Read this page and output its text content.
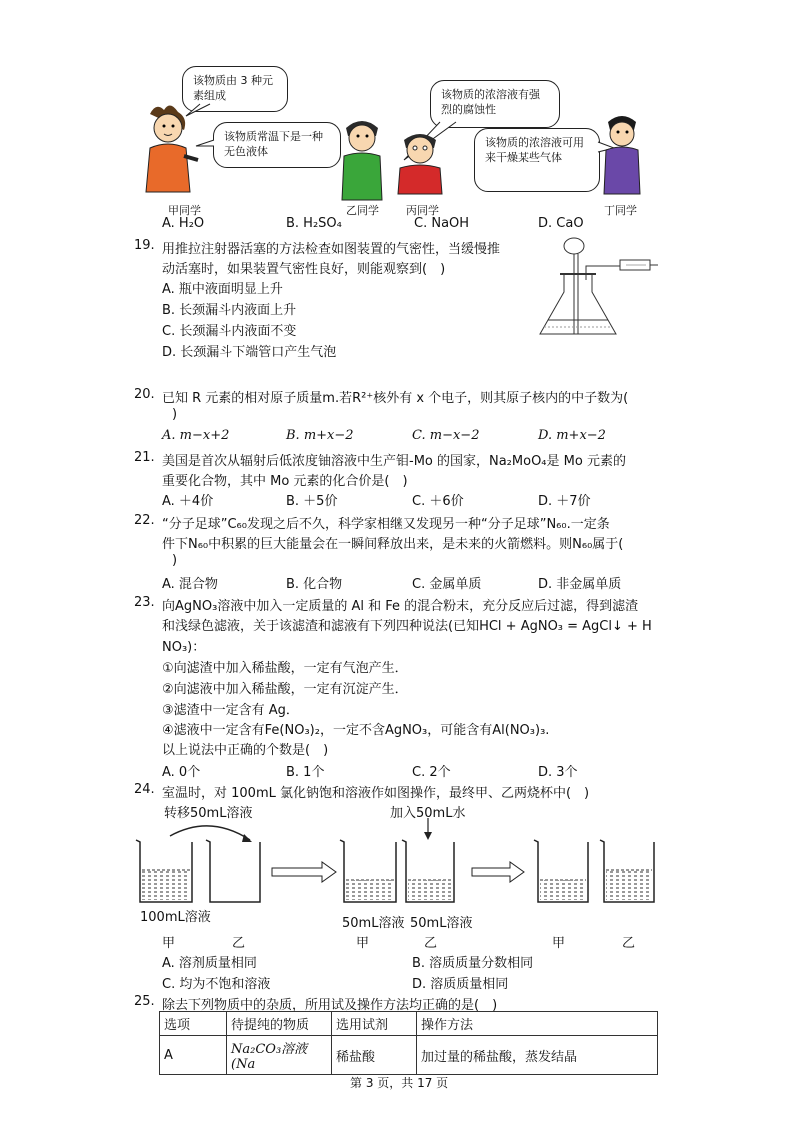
该物质由 3 种元素组成
该物质常温下是一种无色液体
该物质的浓溶液有强烈的腐蚀性
该物质的浓溶液可用来干燥某些气体
甲同学	乙同学 丙同学	丁同学
A. H₂O	B. H₂SO₄	C. NaOH	D. CaO
19. 用推拉注射器活塞的方法检查如图装置的气密性，当缓慢推
动活塞时，如果装置气密性良好，则能观察到(　)
A. 瓶中液面明显上升
B. 长颈漏斗内液面上升
C. 长颈漏斗内液面不变
D. 长颈漏斗下端管口产生气泡
20. 已知 R 元素的相对原子质量m.若R²⁺核外有 x 个电子，则其原子核内的中子数为(
)
A. m−x+2	B. m+x−2	C. m−x−2	D. m+x−2
21. 美国是首次从辐射后低浓度铀溶液中生产钼-Mo 的国家，Na₂MoO₄是 Mo 元素的
重要化合物，其中 Mo 元素的化合价是(　)
A. ＋4价	B. ＋5价	C. ＋6价	D. ＋7价
22. “分子足球”C₆₀发现之后不久，科学家相继又发现另一种“分子足球”N₆₀.一定条
件下N₆₀中积累的巨大能量会在一瞬间释放出来，是未来的火箭燃料。则N₆₀属于(
)
A. 混合物	B. 化合物	C. 金属单质	D. 非金属单质
23. 向AgNO₃溶液中加入一定质量的 Al 和 Fe 的混合粉末，充分反应后过滤，得到滤渣
和浅绿色滤液，关于该滤渣和滤液有下列四种说法(已知HCl + AgNO₃ = AgCl↓ + H
NO₃)：
①向滤渣中加入稀盐酸，一定有气泡产生．
②向滤液中加入稀盐酸，一定有沉淀产生．
③滤渣中一定含有 Ag．
④滤液中一定含有Fe(NO₃)₂，一定不含AgNO₃，可能含有Al(NO₃)₃.
以上说法中正确的个数是(　)
A. 0个	B. 1个	C. 2个	D. 3个
24. 室温时，对 100mL 氯化钠饱和溶液作如图操作，最终甲、乙两烧杯中(　)
转移50mL溶液	加入50mL水
100mL溶液	50mL溶液 50mL溶液
甲	乙	甲	乙	甲	乙
A. 溶剂质量相同	B. 溶质质量分数相同
C. 均为不饱和溶液	D. 溶质质量相同
25. 除去下列物质中的杂质，所用试及操作方法均正确的是(　)
选项	待提纯的物质	选用试剂	操作方法
A	Na₂CO₃溶液(Na	稀盐酸	加过量的稀盐酸，蒸发结晶
第 3 页，共 17 页
